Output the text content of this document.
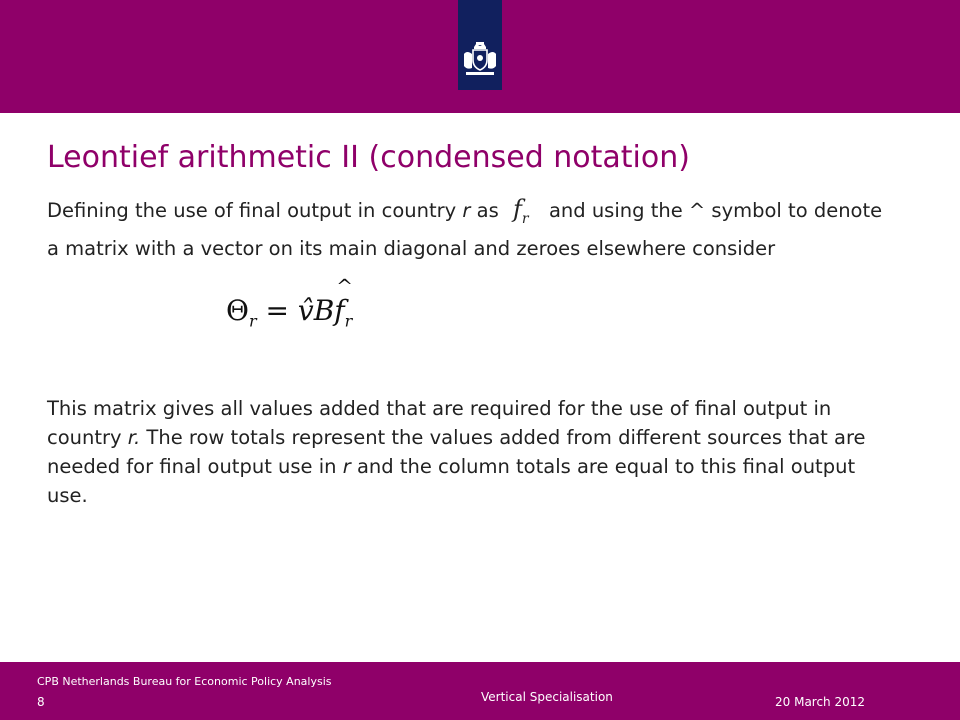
Leontief arithmetic II (condensed notation)
Defining the use of final output in country r as $f_r$ and using the ^ symbol to denote a matrix with a vector on its main diagonal and zeroes elsewhere consider
$\Theta_r$ = v̂B
^
$f_r$
This matrix gives all values added that are required for the use of final output in country r. The row totals represent the values added from different sources that are needed for final output use in r and the column totals are equal to this final output use.
CPB Netherlands Bureau for Economic Policy Analysis
8	Vertical Specialisation	20 March 2012
